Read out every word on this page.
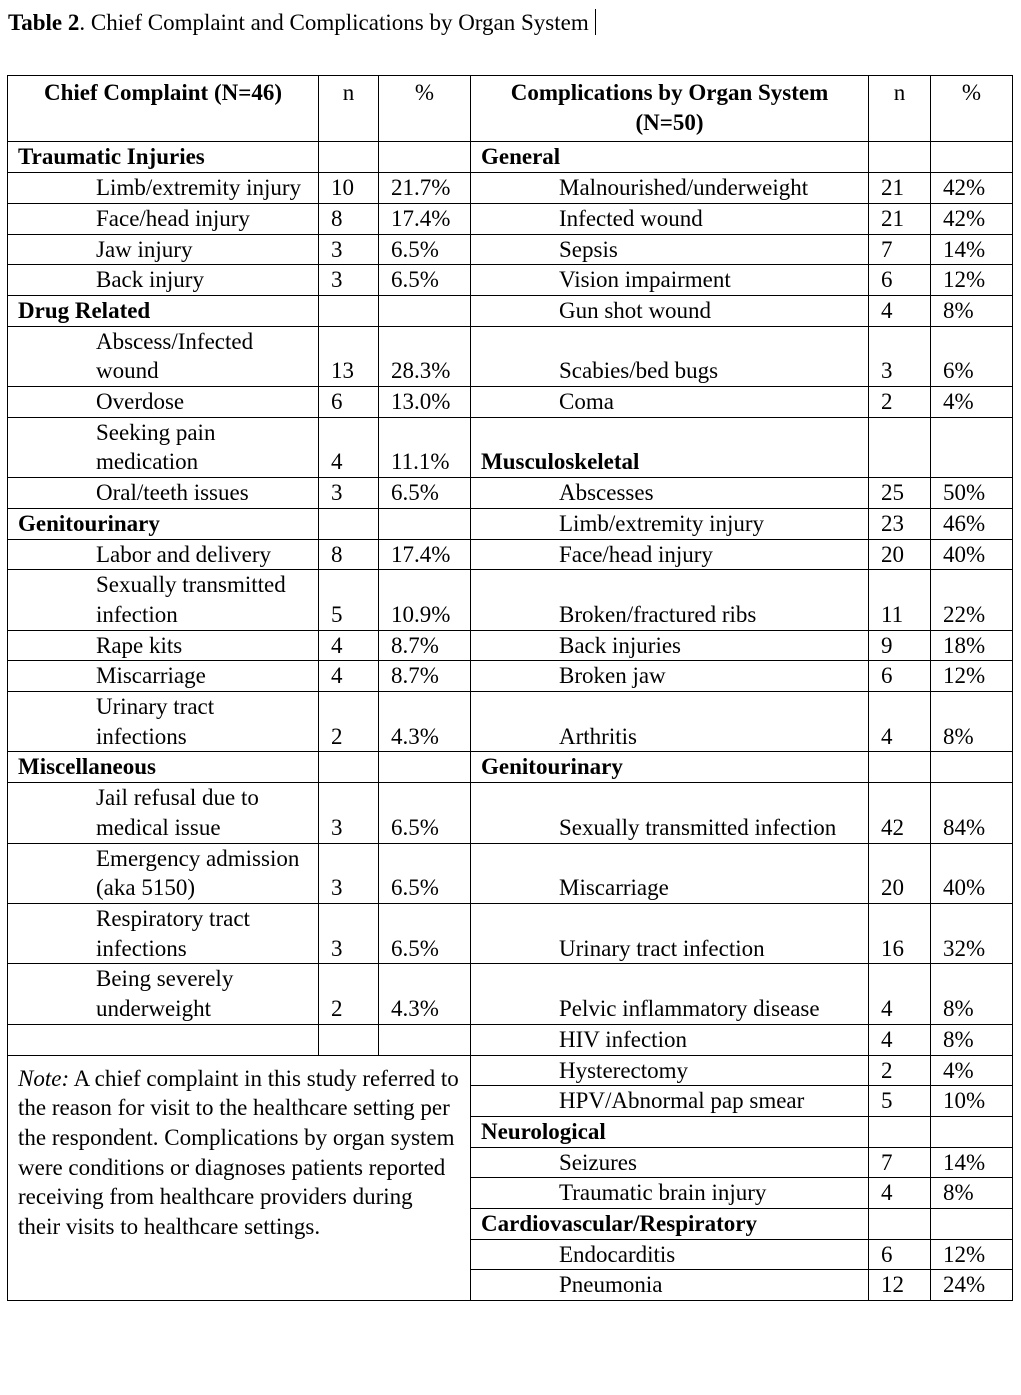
Table 2. Chief Complaint and Complications by Organ System
Chief Complaint (N=46)	n	%	Complications by Organ System (N=50)	n	%
Traumatic Injuries			General		
Limb/extremity injury	10	21.7%	Malnourished/underweight	21	42%
Face/head injury	8	17.4%	Infected wound	21	42%
Jaw injury	3	6.5%	Sepsis	7	14%
Back injury	3	6.5%	Vision impairment	6	12%
Drug Related			Gun shot wound	4	8%
Abscess/Infected wound	13	28.3%	Scabies/bed bugs	3	6%
Overdose	6	13.0%	Coma	2	4%
Seeking pain medication	4	11.1%	Musculoskeletal		
Oral/teeth issues	3	6.5%	Abscesses	25	50%
Genitourinary			Limb/extremity injury	23	46%
Labor and delivery	8	17.4%	Face/head injury	20	40%
Sexually transmitted infection	5	10.9%	Broken/fractured ribs	11	22%
Rape kits	4	8.7%	Back injuries	9	18%
Miscarriage	4	8.7%	Broken jaw	6	12%
Urinary tract infections	2	4.3%	Arthritis	4	8%
Miscellaneous			Genitourinary		
Jail refusal due to medical issue	3	6.5%	Sexually transmitted infection	42	84%
Emergency admission (aka 5150)	3	6.5%	Miscarriage	20	40%
Respiratory tract infections	3	6.5%	Urinary tract infection	16	32%
Being severely underweight	2	4.3%	Pelvic inflammatory disease	4	8%
			HIV infection	4	8%
Note: A chief complaint in this study referred to the reason for visit to the healthcare setting per the respondent. Complications by organ system were conditions or diagnoses patients reported receiving from healthcare providers during their visits to healthcare settings.			Hysterectomy	2	4%
			HPV/Abnormal pap smear	5	10%
			Neurological		
			Seizures	7	14%
			Traumatic brain injury	4	8%
			Cardiovascular/Respiratory		
			Endocarditis	6	12%
			Pneumonia	12	24%
